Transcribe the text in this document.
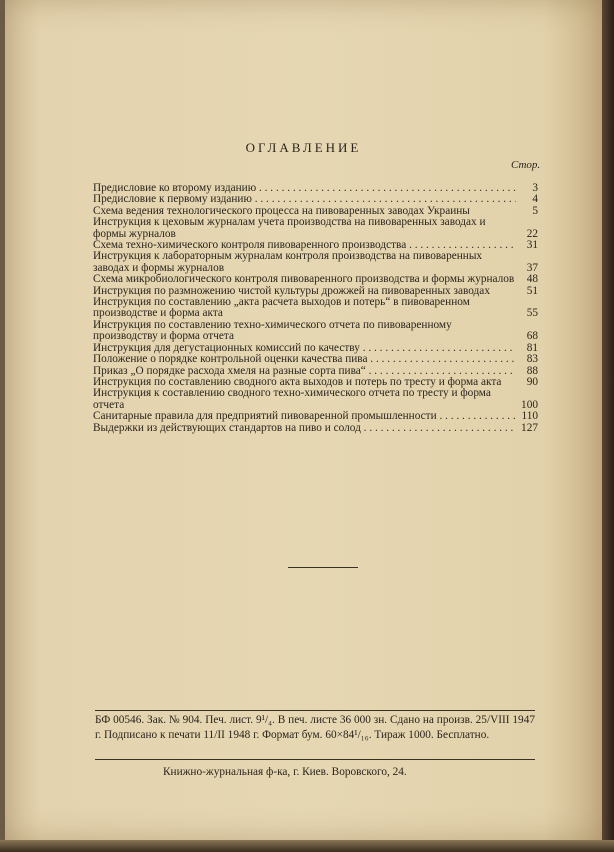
ОГЛАВЛЕНИЕ
Стор.
Предисловие ко второму изданию . . .	3
Предисловие к первому изданию . . .	4
Схема ведения технологического процесса на пивоваренных заводах Украины	5
Инструкция к цеховым журналам учета производства на пивоваренных заводах и формы журналов	22
Схема техно-химического контроля пивоваренного производства . . .	31
Инструкция к лабораторным журналам контроля производства на пивоваренных заводах и формы журналов	37
Схема микробиологического контроля пивоваренного производства и формы журналов	48
Инструкция по размножению чистой культуры дрожжей на пивоваренных заводах	51
Инструкция по составлению „акта расчета выходов и потерь“ в пивоваренном производстве и форма акта	55
Инструкция по составлению техно-химического отчета по пивоваренному производству и форма отчета	68
Инструкция для дегустационных комиссий по качеству . . .	81
Положение о порядке контрольной оценки качества пива . . .	83
Приказ „О порядке расхода хмеля на разные сорта пива“ . . .	88
Инструкция по составлению сводного акта выходов и потерь по тресту и форма акта	90
Инструкция к составлению сводного техно-химического отчета по тресту и форма отчета	100
Санитарные правила для предприятий пивоваренной промышленности . . .	110
Выдержки из действующих стандартов на пиво и солод . . .	127
БФ 00546. Зак. № 904. Печ. лист. 9¹/₄. В печ. листе 36 000 зн. Сдано на произв. 25/VIII 1947 г. Подписано к печати 11/II 1948 г. Формат бум. 60×84¹/₁₆. Тираж 1000. Бесплатно.
Книжно-журнальная ф-ка, г. Киев. Воровского, 24.
